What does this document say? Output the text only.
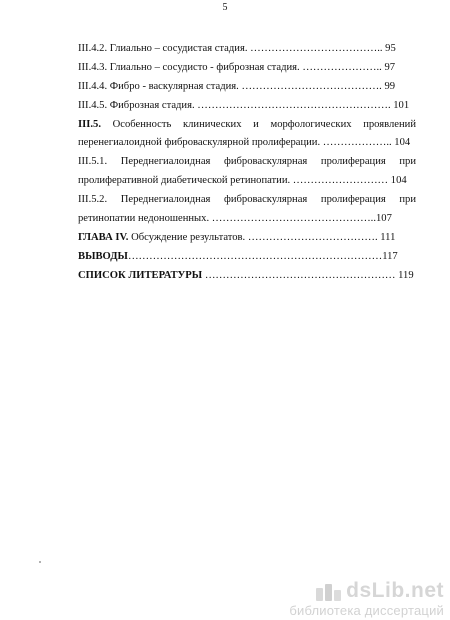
5
III.4.2. Глиально – сосудистая стадия. ……………………………….. 95
III.4.3. Глиально – сосудисто - фиброзная стадия. ………………….. 97
III.4.4. Фибро - васкулярная стадия. …………………………………. 99
III.4.5. Фиброзная стадия. ………………………………………………. 101
III.5. Особенность клинических и морфологических проявлений
перенегиалоидной фиброваскулярной пролиферации. ……………….. 104
III.5.1. Переднегиалоидная фиброваскулярная пролиферация при
пролиферативной диабетической ретинопатии. ……………………… 104
III.5.2. Переднегиалоидная фиброваскулярная пролиферация при
ретинопатии недоношенных. ………………………………………..107
ГЛАВА IV. Обсуждение результатов. ………………………………. 111
ВЫВОДЫ………………………………………………………………117
СПИСОК ЛИТЕРАТУРЫ ……………………………………………… 119
dsLib.net
библиотека диссертаций
